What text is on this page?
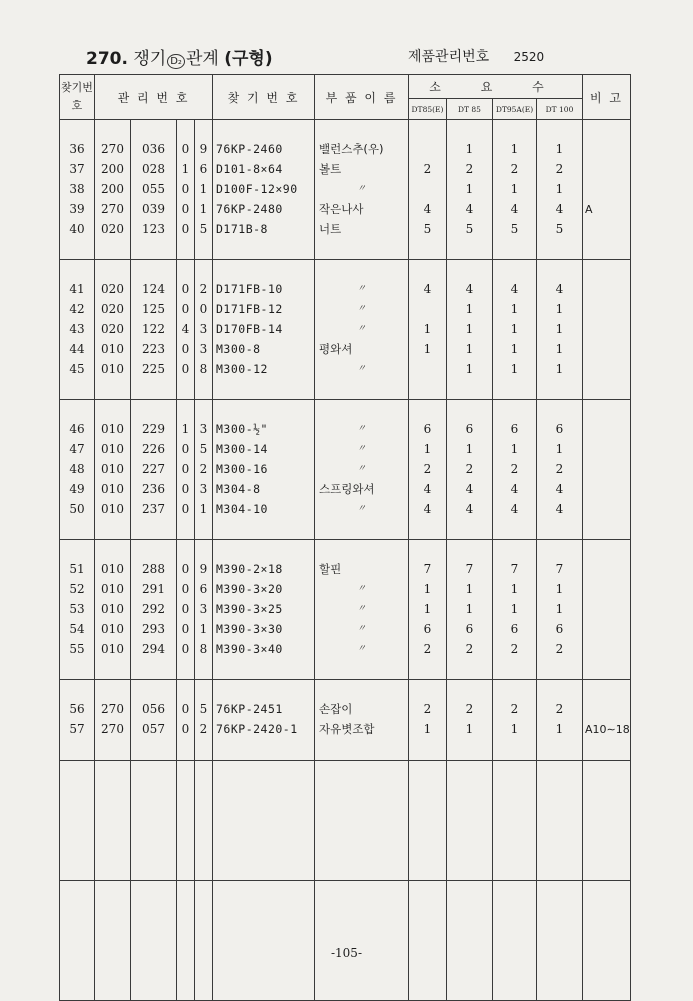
270. 쟁기 D₂ 관계 (구형)	제품관리번호 2520
찾기번호	관 리 번 호				찾 기 번 호	부 품 이 름	소 요 수				비 고
							DT85(E)	DT 85	DT95A(E)	DT 100	

36	270	036	0	9	76KP-2460	밸런스추(우)		1	1	1	
37	200	028	1	6	D101-8×64	볼트	2	2	2	2	
38	200	055	0	1	D100F-12×90	〃		1	1	1	
39	270	039	0	1	76KP-2480	작은나사	4	4	4	4	A
40	020	123	0	5	D171B-8	너트	5	5	5	5	

41	020	124	0	2	D171FB-10	〃	4	4	4	4	
42	020	125	0	0	D171FB-12	〃		1	1	1	
43	020	122	4	3	D170FB-14	〃	1	1	1	1	
44	010	223	0	3	M300-8	평와셔	1	1	1	1	
45	010	225	0	8	M300-12	〃		1	1	1	

46	010	229	1	3	M300-½"	〃	6	6	6	6	
47	010	226	0	5	M300-14	〃	1	1	1	1	
48	010	227	0	2	M300-16	〃	2	2	2	2	
49	010	236	0	3	M304-8	스프링와셔	4	4	4	4	
50	010	237	0	1	M304-10	〃	4	4	4	4	

51	010	288	0	9	M390-2×18	할핀	7	7	7	7	
52	010	291	0	6	M390-3×20	〃	1	1	1	1	
53	010	292	0	3	M390-3×25	〃	1	1	1	1	
54	010	293	0	1	M390-3×30	〃	6	6	6	6	
55	010	294	0	8	M390-3×40	〃	2	2	2	2	

56	270	056	0	5	76KP-2451	손잡이	2	2	2	2	
57	270	057	0	2	76KP-2420-1	자유볏조합	1	1	1	1	A10∼18

-105-
